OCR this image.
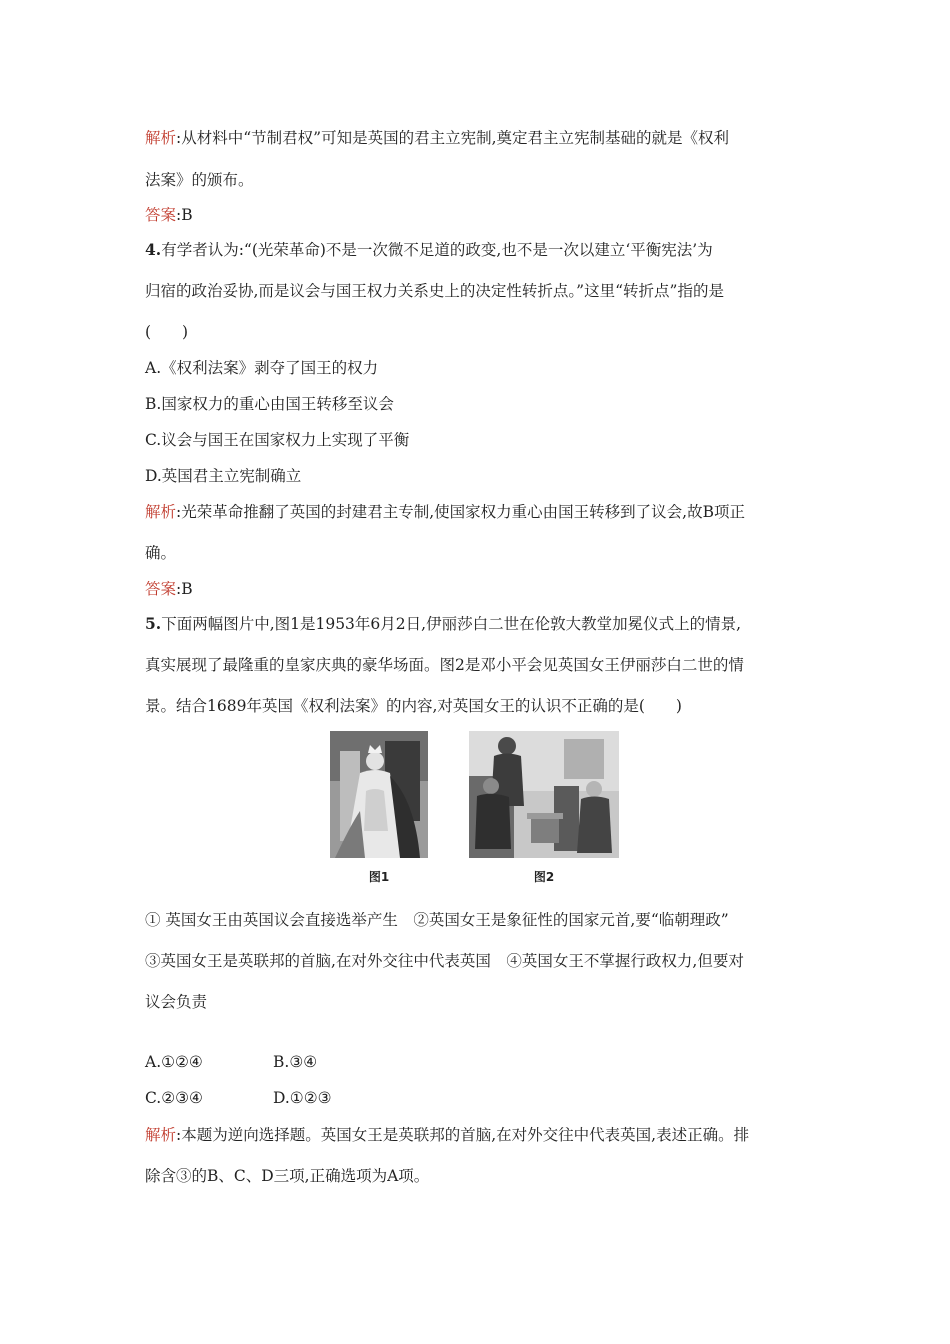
解析:从材料中“节制君权”可知是英国的君主立宪制,奠定君主立宪制基础的就是《权利
法案》的颁布。
答案:B
4.有学者认为:“(光荣革命)不是一次微不足道的政变,也不是一次以建立‘平衡宪法’为
归宿的政治妥协,而是议会与国王权力关系史上的决定性转折点。”这里“转折点”指的是
(　　)
A.《权利法案》剥夺了国王的权力
B.国家权力的重心由国王转移至议会
C.议会与国王在国家权力上实现了平衡
D.英国君主立宪制确立
解析:光荣革命推翻了英国的封建君主专制,使国家权力重心由国王转移到了议会,故B项正
确。
答案:B
5.下面两幅图片中,图1是1953年6月2日,伊丽莎白二世在伦敦大教堂加冕仪式上的情景,
真实展现了最隆重的皇家庆典的豪华场面。图2是邓小平会见英国女王伊丽莎白二世的情
景。结合1689年英国《权利法案》的内容,对英国女王的认识不正确的是(　　)
图1	图2
① 英国女王由英国议会直接选举产生　②英国女王是象征性的国家元首,要“临朝理政”
③英国女王是英联邦的首脑,在对外交往中代表英国　④英国女王不掌握行政权力,但要对
议会负责
A.①②④	B.③④
C.②③④	D.①②③
解析:本题为逆向选择题。英国女王是英联邦的首脑,在对外交往中代表英国,表述正确。排
除含③的B、C、D三项,正确选项为A项。
